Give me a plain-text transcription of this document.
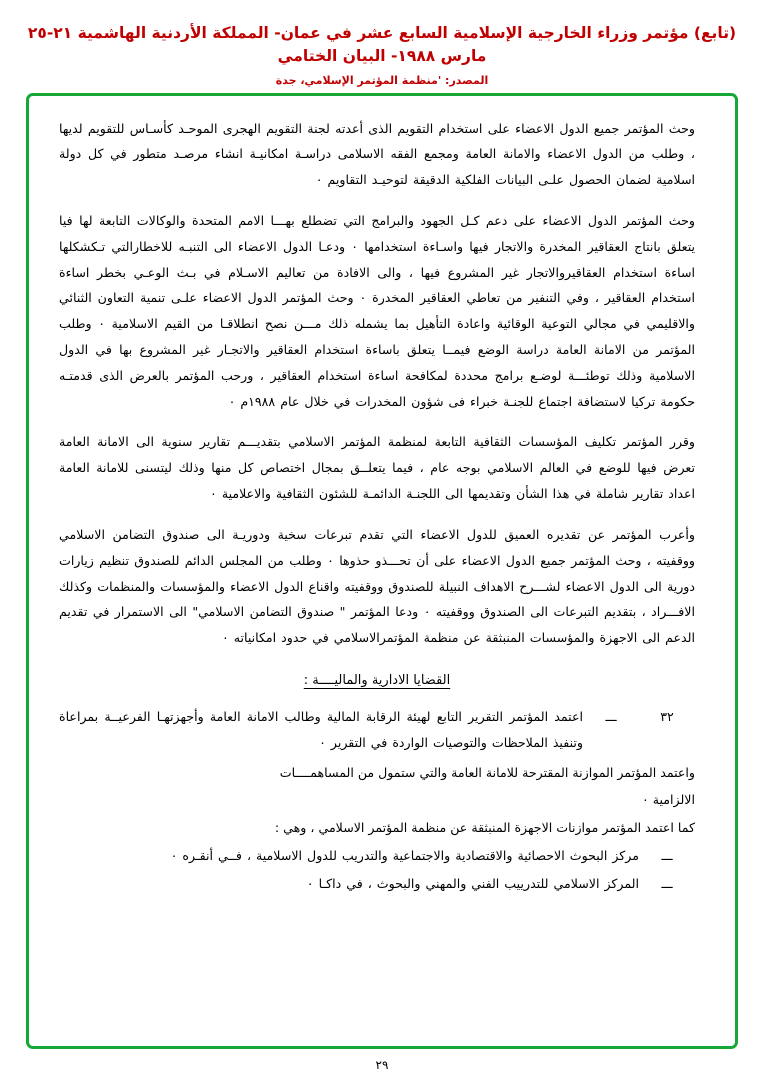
(تابع) مؤتمر وزراء الخارجية الإسلامية السابع عشر في عمان- المملكة الأردنية الهاشمية ٢١-٢٥ مارس ١٩٨٨- البيان الختامي
المصدر: 'منظمة المؤتمر الإسلامي، جدة

وحث المؤتمر جميع الدول الاعضاء على استخدام التقويم الذى أعدته لجنة التقويم الهجرى الموحـد كأسـاس للتقويم لديها ، وطلب من الدول الاعضاء والامانة العامة ومجمع الفقه الاسلامى دراسـة امكانيـة انشاء مرصـد متطور في كل دولة اسلامية لضمان الحصول علـى البيانات الفلكية الدقيقة لتوحيـد التقاويم ٠

وحث المؤتمر الدول الاعضاء على دعم كـل الجهود والبرامج التي تضطلع بهـــا الامم المتحدة والوكالات التابعة لها فيا يتعلق بانتاج العقاقير المخدرة والاتجار فيها واسـاءة استخدامها ٠ ودعـا الدول الاعضاء الى التنبـه للاخطارالتي تـكشكلها اساءة استخدام العقاقيروالاتجار غير المشروع فيها ، والى الافادة من تعاليم الاسـلام في بـث الوعـي بخطر اساءة استخدام العقاقير ، وفي التنفير من تعاطي العقاقير المخدرة ٠ وحث المؤتمر الدول الاعضاء علـى تنمية التعاون الثنائي والاقليمي في مجالي التوعية الوقائية واعادة التأهيل بما يشمله ذلك مـــن نصح انطلاقـا من القيم الاسلامية ٠ وطلب المؤتمر من الامانة العامة دراسة الوضع فيمــا يتعلق باساءة استخدام العقاقير والاتجـار غير المشروع بها في الدول الاسلامية وذلك توطئـــة لوضـع برامج محددة لمكافحة اساءة استخدام العقاقير ، ورحب المؤتمر بالعرض الذى قدمتـه حكومة تركيا لاستضافة اجتماع للجنـة خبراء فى شؤون المخدرات في خلال عام ١٩٨٨م ٠

وقرر المؤتمر تكليف المؤسسات الثقافية التابعة لمنظمة المؤتمر الاسلامي بتقديـــم تقارير سنوية الى الامانة العامة تعرض فيها للوضع في العالم الاسلامي بوجه عام ، فيما يتعلــق بمجال اختصاص كل منها وذلك ليتسنى للامانة العامة اعداد تقارير شاملة في هذا الشأن وتقديمها الى اللجنـة الدائمـة للشئون الثقافية والاعلامية ٠

وأعرب المؤتمر عن تقديره العميق للدول الاعضاء التي تقدم تبرعات سخية ودوريـة الى صندوق التضامن الاسلامي ووقفيته ، وحث المؤتمر جميع الدول الاعضاء على أن تحـــذو حذوها ٠ وطلب من المجلس الدائم للصندوق تنظيم زيارات دورية الى الدول الاعضاء لشـــرح الاهداف النبيلة للصندوق ووقفيته واقناع الدول الاعضاء والمؤسسات والمنظمات وكذلك الافـــراد ، بتقديم التبرعات الى الصندوق ووقفيته ٠ ودعا المؤتمر " صندوق التضامن الاسلامي" الى الاستمرار في تقديم الدعم الى الاجهزة والمؤسسات المنبثقة عن منظمة المؤتمرالاسلامي في حدود امكانياته ٠

القضايا الادارية والماليــــة :
٣٢
ـــ
اعتمد المؤتمر التقرير التابع لهيئة الرقابة المالية وطالب الامانة العامة وأجهزتهـا الفرعيــة بمراعاة وتنفيذ الملاحظات والتوصيات الواردة في التقرير ٠
واعتمد المؤتمر الموازنة المقترحة للامانة العامة والتي ستمول من المساهمــــات
الالزامية ٠
كما اعتمد المؤتمر موازنات الاجهزة المنبثقة عن منظمة المؤتمر الاسلامي ، وهي :
ـــ
مركز البحوث الاحصائية والاقتصادية والاجتماعية والتدريب للدول الاسلامية ، فــي أنقـره ٠
ـــ
المركز الاسلامي للتدرييب الفني والمهني والبحوث ، في داكـا ٠
٢٩
